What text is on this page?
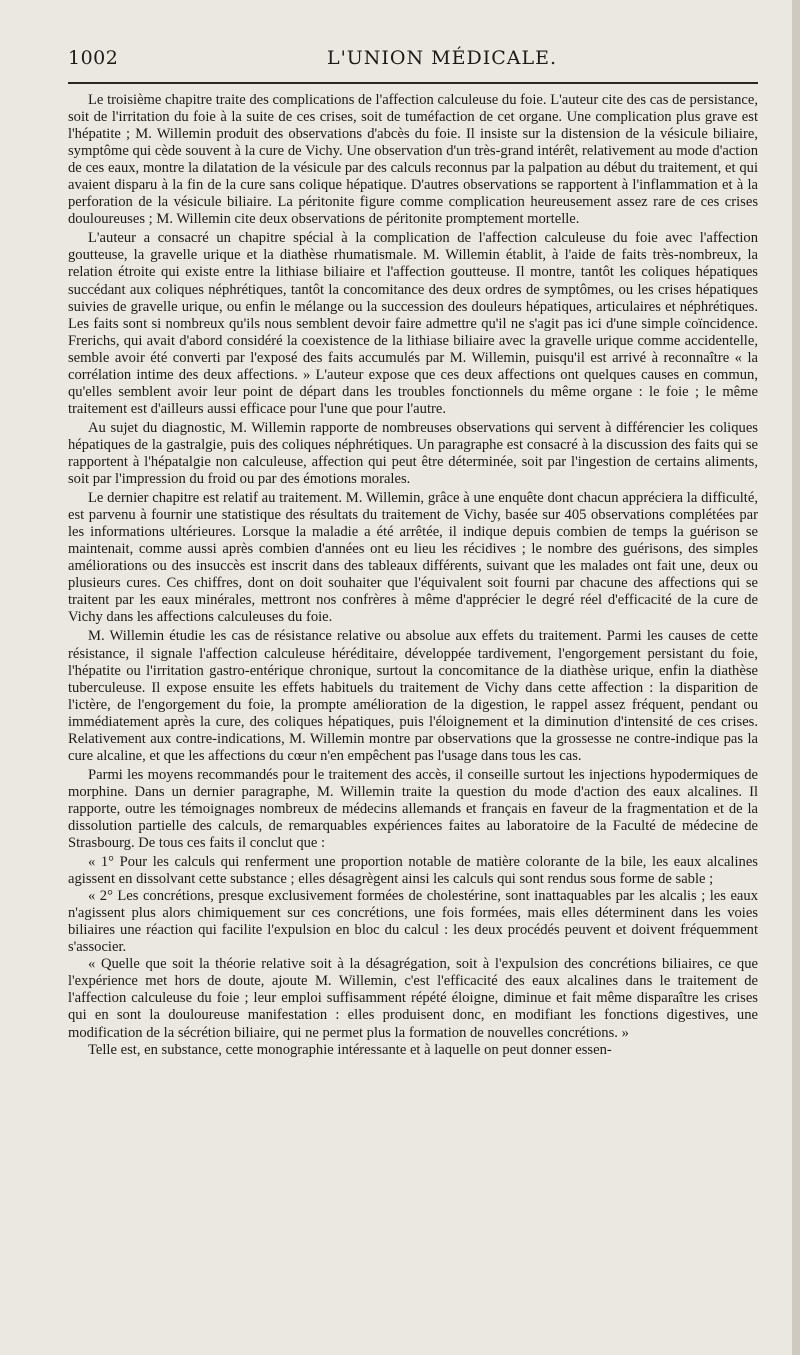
1002	L'UNION MÉDICALE.

Le troisième chapitre traite des complications de l'affection calculeuse du foie. L'auteur cite des cas de persistance, soit de l'irritation du foie à la suite de ces crises, soit de tuméfaction de cet organe. Une complication plus grave est l'hépatite ; M. Willemin produit des observations d'abcès du foie. Il insiste sur la distension de la vésicule biliaire, symptôme qui cède souvent à la cure de Vichy. Une observation d'un très-grand intérêt, relativement au mode d'action de ces eaux, montre la dilatation de la vésicule par des calculs reconnus par la palpation au début du traitement, et qui avaient disparu à la fin de la cure sans colique hépatique. D'autres observations se rapportent à l'inflammation et à la perforation de la vésicule biliaire. La péritonite figure comme complication heureusement assez rare de ces crises douloureuses ; M. Willemin cite deux observations de péritonite promptement mortelle.

L'auteur a consacré un chapitre spécial à la complication de l'affection calculeuse du foie avec l'affection goutteuse, la gravelle urique et la diathèse rhumatismale. M. Willemin établit, à l'aide de faits très-nombreux, la relation étroite qui existe entre la lithiase biliaire et l'affection goutteuse. Il montre, tantôt les coliques hépatiques succédant aux coliques néphrétiques, tantôt la concomitance des deux ordres de symptômes, ou les crises hépatiques suivies de gravelle urique, ou enfin le mélange ou la succession des douleurs hépatiques, articulaires et néphrétiques. Les faits sont si nombreux qu'ils nous semblent devoir faire admettre qu'il ne s'agit pas ici d'une simple coïncidence. Frerichs, qui avait d'abord considéré la coexistence de la lithiase biliaire avec la gravelle urique comme accidentelle, semble avoir été converti par l'exposé des faits accumulés par M. Willemin, puisqu'il est arrivé à reconnaître « la corrélation intime des deux affections. » L'auteur expose que ces deux affections ont quelques causes en commun, qu'elles semblent avoir leur point de départ dans les troubles fonctionnels du même organe : le foie ; le même traitement est d'ailleurs aussi efficace pour l'une que pour l'autre.

Au sujet du diagnostic, M. Willemin rapporte de nombreuses observations qui servent à différencier les coliques hépatiques de la gastralgie, puis des coliques néphrétiques. Un paragraphe est consacré à la discussion des faits qui se rapportent à l'hépatalgie non calculeuse, affection qui peut être déterminée, soit par l'ingestion de certains aliments, soit par l'impression du froid ou par des émotions morales.

Le dernier chapitre est relatif au traitement. M. Willemin, grâce à une enquête dont chacun appréciera la difficulté, est parvenu à fournir une statistique des résultats du traitement de Vichy, basée sur 405 observations complétées par les informations ultérieures. Lorsque la maladie a été arrêtée, il indique depuis combien de temps la guérison se maintenait, comme aussi après combien d'années ont eu lieu les récidives ; le nombre des guérisons, des simples améliorations ou des insuccès est inscrit dans des tableaux différents, suivant que les malades ont fait une, deux ou plusieurs cures. Ces chiffres, dont on doit souhaiter que l'équivalent soit fourni par chacune des affections qui se traitent par les eaux minérales, mettront nos confrères à même d'apprécier le degré réel d'efficacité de la cure de Vichy dans les affections calculeuses du foie.

M. Willemin étudie les cas de résistance relative ou absolue aux effets du traitement. Parmi les causes de cette résistance, il signale l'affection calculeuse héréditaire, développée tardivement, l'engorgement persistant du foie, l'hépatite ou l'irritation gastro-entérique chronique, surtout la concomitance de la diathèse urique, enfin la diathèse tuberculeuse. Il expose ensuite les effets habituels du traitement de Vichy dans cette affection : la disparition de l'ictère, de l'engorgement du foie, la prompte amélioration de la digestion, le rappel assez fréquent, pendant ou immédiatement après la cure, des coliques hépatiques, puis l'éloignement et la diminution d'intensité de ces crises. Relativement aux contre-indications, M. Willemin montre par observations que la grossesse ne contre-indique pas la cure alcaline, et que les affections du cœur n'en empêchent pas l'usage dans tous les cas.

Parmi les moyens recommandés pour le traitement des accès, il conseille surtout les injections hypodermiques de morphine. Dans un dernier paragraphe, M. Willemin traite la question du mode d'action des eaux alcalines. Il rapporte, outre les témoignages nombreux de médecins allemands et français en faveur de la fragmentation et de la dissolution partielle des calculs, de remarquables expériences faites au laboratoire de la Faculté de médecine de Strasbourg. De tous ces faits il conclut que :

« 1° Pour les calculs qui renferment une proportion notable de matière colorante de la bile, les eaux alcalines agissent en dissolvant cette substance ; elles désagrègent ainsi les calculs qui sont rendus sous forme de sable ;

« 2° Les concrétions, presque exclusivement formées de cholestérine, sont inattaquables par les alcalis ; les eaux n'agissent plus alors chimiquement sur ces concrétions, une fois formées, mais elles déterminent dans les voies biliaires une réaction qui facilite l'expulsion en bloc du calcul : les deux procédés peuvent et doivent fréquemment s'associer.

« Quelle que soit la théorie relative soit à la désagrégation, soit à l'expulsion des concrétions biliaires, ce que l'expérience met hors de doute, ajoute M. Willemin, c'est l'efficacité des eaux alcalines dans le traitement de l'affection calculeuse du foie ; leur emploi suffisamment répété éloigne, diminue et fait même disparaître les crises qui en sont la douloureuse manifestation : elles produisent donc, en modifiant les fonctions digestives, une modification de la sécrétion biliaire, qui ne permet plus la formation de nouvelles concrétions. »

Telle est, en substance, cette monographie intéressante et à laquelle on peut donner essen-
